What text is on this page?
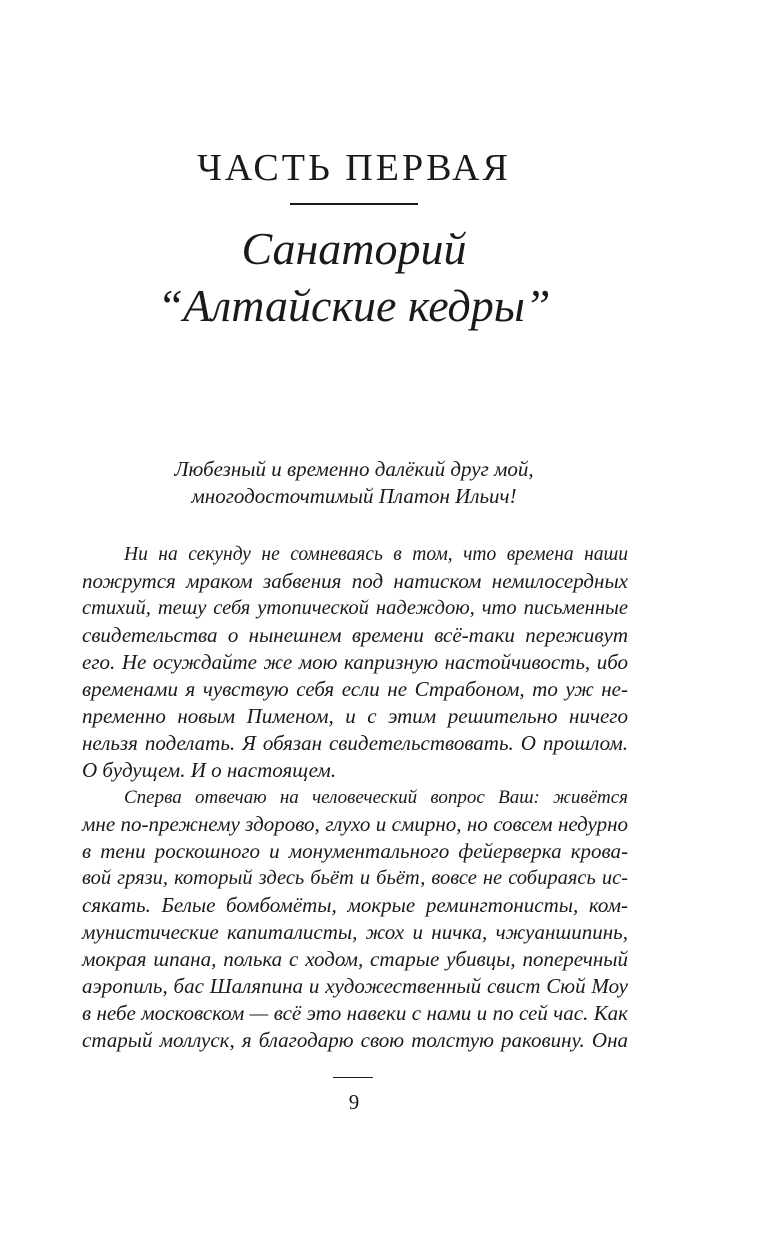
ЧАСТЬ ПЕРВАЯ
Санаторий
“Алтайские кедры”
Любезный и временно далёкий друг мой,
многодосточтимый Платон Ильич!
Ни на секунду не сомневаясь в том, что времена наши
пожрутся мраком забвения под натиском немилосердных
стихий, тешу себя утопической надеждою, что письменные
свидетельства о нынешнем времени всё-таки переживут
его. Не осуждайте же мою капризную настойчивость, ибо
временами я чувствую себя если не Страбоном, то уж не-
пременно новым Пименом, и с этим решительно ничего
нельзя поделать. Я обязан свидетельствовать. О прошлом.
О будущем. И о настоящем.
Сперва отвечаю на человеческий вопрос Ваш: живётся
мне по-прежнему здорово, глухо и смирно, но совсем недурно
в тени роскошного и монументального фейерверка крова-
вой грязи, который здесь бьёт и бьёт, вовсе не собираясь ис-
сякать. Белые бомбомёты, мокрые ремингтонисты, ком-
мунистические капиталисты, жох и ничка, чжуаншипинь,
мокрая шпана, полька с ходом, старые убивцы, поперечный
аэропиль, бас Шаляпина и художественный свист Сюй Моу
в небе московском — всё это навеки с нами и по сей час. Как
старый моллуск, я благодарю свою толстую раковину. Она
9
